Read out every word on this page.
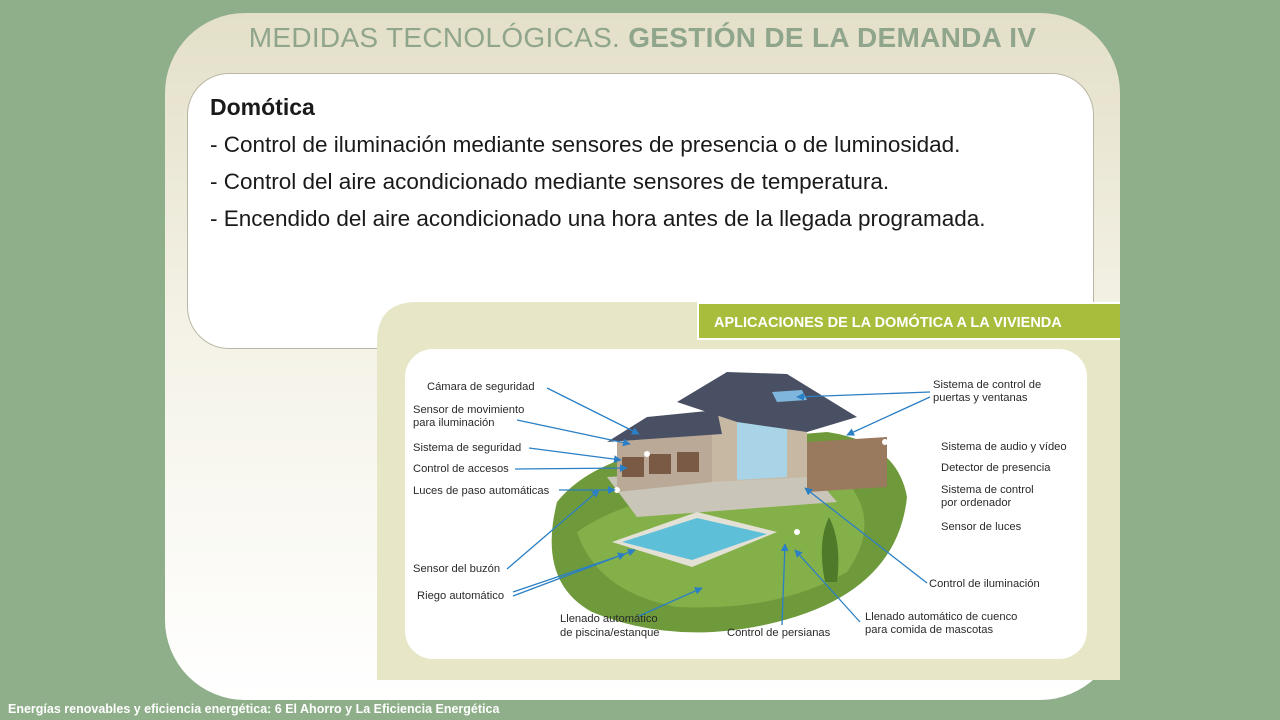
MEDIDAS TECNOLÓGICAS. GESTIÓN DE LA DEMANDA IV
Domótica

- Control de iluminación mediante sensores de presencia o de luminosidad.

- Control del aire acondicionado mediante sensores de temperatura.

- Encendido del aire acondicionado una hora antes de la llegada programada.

APLICACIONES DE LA DOMÓTICA A LA VIVIENDA
Cámara de seguridad
Sensor de movimiento
para iluminación
Sistema de seguridad
Control de accesos
Luces de paso automáticas
Sensor del buzón
Riego automático
Llenado automático
de piscina/estanque	Control de persianas
Llenado automático de cuenco
para comida de mascotas
Control de iluminación
Sistema de control de
puertas y ventanas
Sistema de audio y vídeo
Detector de presencia
Sistema de control
por ordenador
Sensor de luces
Energías renovables y eficiencia energética: 6 El Ahorro y La Eficiencia Energética
